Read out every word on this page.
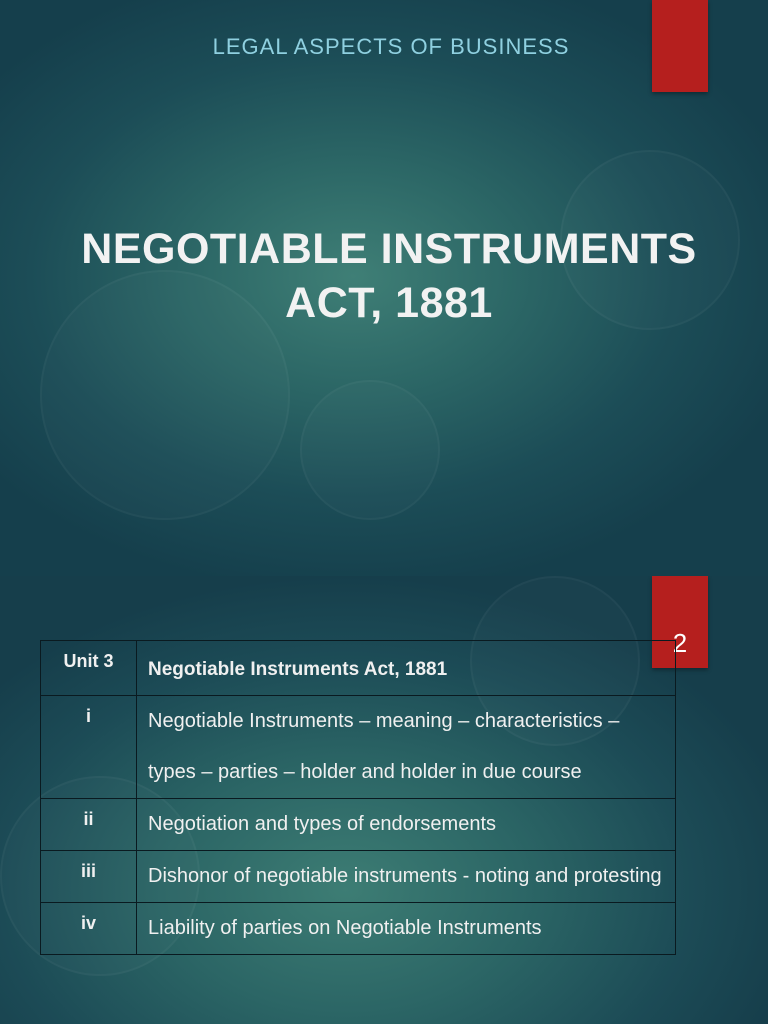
LEGAL ASPECTS OF BUSINESS
NEGOTIABLE INSTRUMENTS
ACT, 1881
2
Unit 3	Negotiable Instruments Act, 1881
i	Negotiable Instruments – meaning – characteristics – types – parties – holder and holder in due course
ii	Negotiation and types of endorsements
iii	Dishonor of negotiable instruments - noting and protesting
iv	Liability of parties on Negotiable Instruments
